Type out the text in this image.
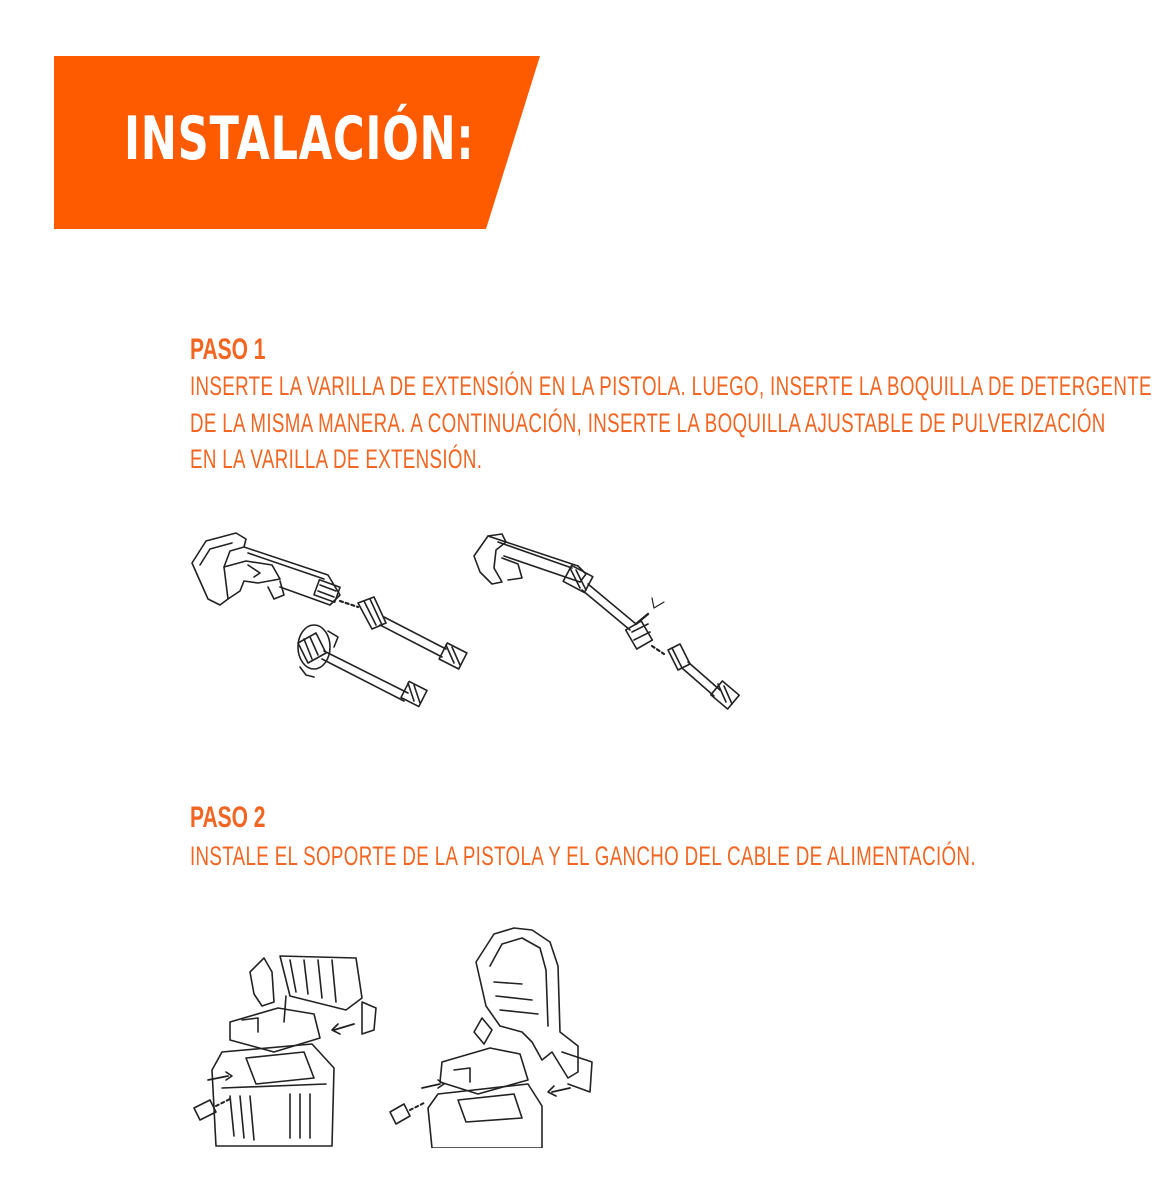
INSTALACIÓN:
PASO 1
INSERTE LA VARILLA DE EXTENSIÓN EN LA PISTOLA. LUEGO, INSERTE LA BOQUILLA DE DETERGENTE
DE LA MISMA MANERA. A CONTINUACIÓN, INSERTE LA BOQUILLA AJUSTABLE DE PULVERIZACIÓN
EN LA VARILLA DE EXTENSIÓN.
PASO 2
INSTALE EL SOPORTE DE LA PISTOLA Y EL GANCHO DEL CABLE DE ALIMENTACIÓN.
